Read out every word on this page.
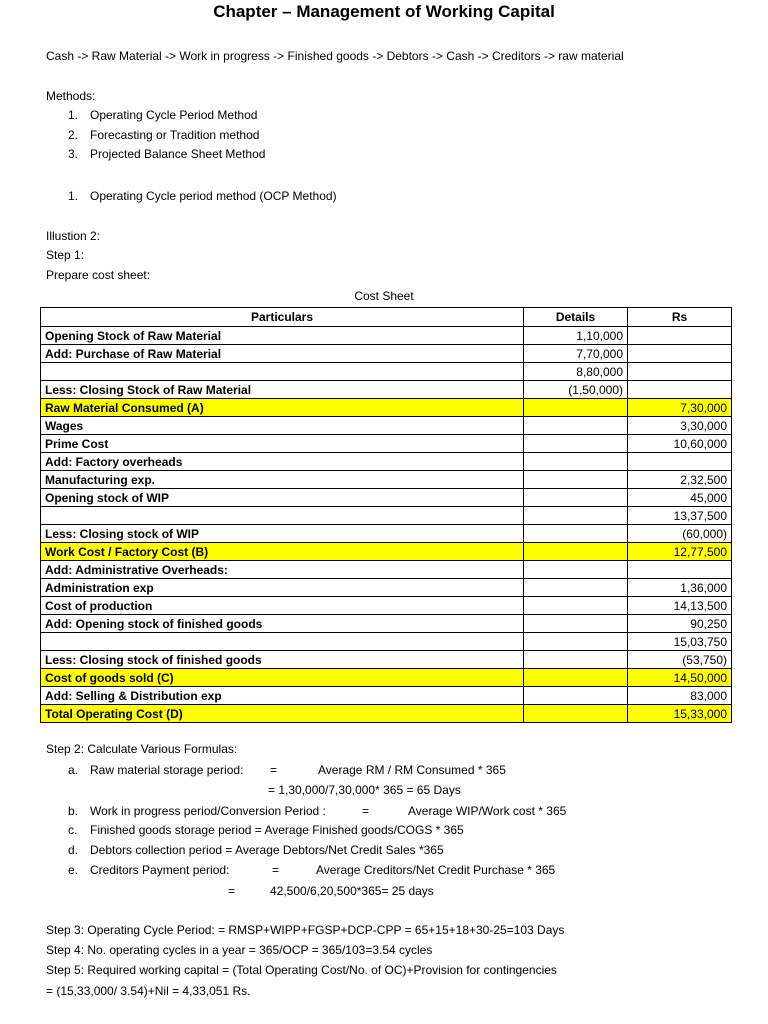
Chapter – Management of Working Capital
Cash -> Raw Material -> Work in progress -> Finished goods -> Debtors -> Cash -> Creditors -> raw material
Methods:
1. Operating Cycle Period Method
2. Forecasting or Tradition method
3. Projected Balance Sheet Method
1. Operating Cycle period method (OCP Method)
Illustion 2:
Step 1:
Prepare cost sheet:
Cost Sheet
Particulars	Details	Rs
Opening Stock of Raw Material	1,10,000	
Add: Purchase of Raw Material	7,70,000	
	8,80,000	
Less: Closing Stock of Raw Material	(1,50,000)	
Raw Material Consumed (A)		7,30,000
Wages		3,30,000
Prime Cost		10,60,000
Add: Factory overheads		
Manufacturing exp.		2,32,500
Opening stock of WIP		45,000
		13,37,500
Less: Closing stock of WIP		(60,000)
Work Cost / Factory Cost (B)		12,77,500
Add: Administrative Overheads:		
Administration exp		1,36,000
Cost of production		14,13,500
Add: Opening stock of finished goods		90,250
		15,03,750
Less: Closing stock of finished goods		(53,750)
Cost of goods sold (C)		14,50,000
Add: Selling & Distribution exp		83,000
Total Operating Cost (D)		15,33,000
Step 2: Calculate Various Formulas:
a. Raw material storage period: =	Average RM / RM Consumed * 365
= 1,30,000/7,30,000* 365 = 65 Days
b. Work in progress period/Conversion Period :	=	Average WIP/Work cost * 365
c. Finished goods storage period = Average Finished goods/COGS * 365
d. Debtors collection period = Average Debtors/Net Credit Sales *365
e. Creditors Payment period:	=	Average Creditors/Net Credit Purchase * 365
=	42,500/6,20,500*365= 25 days
Step 3: Operating Cycle Period: = RMSP+WIPP+FGSP+DCP-CPP = 65+15+18+30-25=103 Days
Step 4: No. operating cycles in a year = 365/OCP = 365/103=3.54 cycles
Step 5: Required working capital = (Total Operating Cost/No. of OC)+Provision for contingencies
= (15,33,000/ 3.54)+Nil = 4,33,051 Rs.
